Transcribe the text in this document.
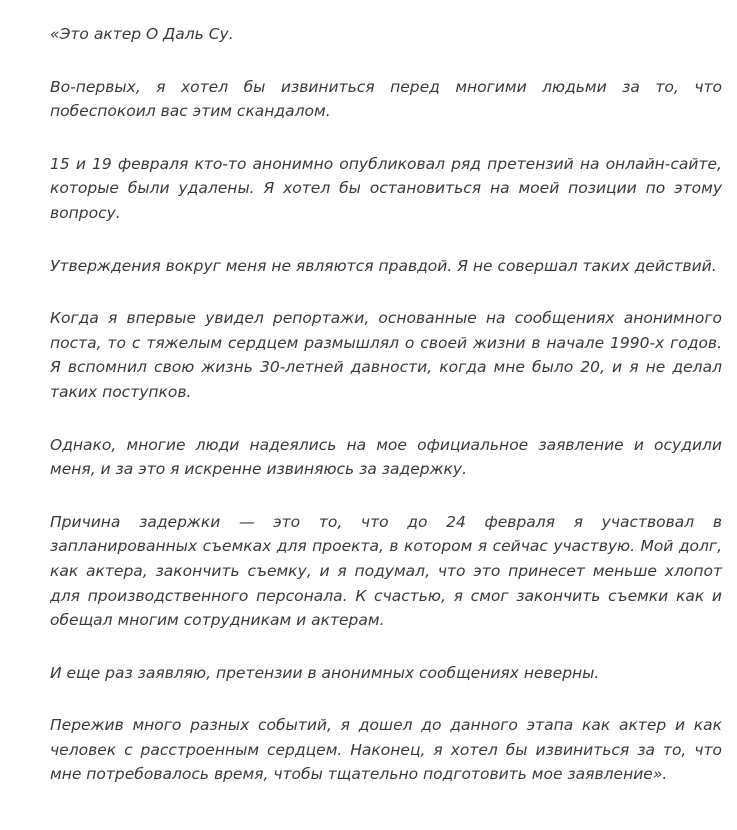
«Это актер О Даль Су.

Во-первых, я хотел бы извиниться перед многими людьми за то, что побеспокоил вас этим скандалом.

15 и 19 февраля кто-то анонимно опубликовал ряд претензий на онлайн-сайте, которые были удалены. Я хотел бы остановиться на моей позиции по этому вопросу.

Утверждения вокруг меня не являются правдой. Я не совершал таких действий.

Когда я впервые увидел репортажи, основанные на сообщениях анонимного поста, то с тяжелым сердцем размышлял о своей жизни в начале 1990-х годов. Я вспомнил свою жизнь 30-летней давности, когда мне было 20, и я не делал таких поступков.

Однако, многие люди надеялись на мое официальное заявление и осудили меня, и за это я искренне извиняюсь за задержку.

Причина задержки — это то, что до 24 февраля я участвовал в запланированных съемках для проекта, в котором я сейчас участвую. Мой долг, как актера, закончить съемку, и я подумал, что это принесет меньше хлопот для производственного персонала. К счастью, я смог закончить съемки как и обещал многим сотрудникам и актерам.

И еще раз заявляю, претензии в анонимных сообщениях неверны.

Пережив много разных событий, я дошел до данного этапа как актер и как человек с расстроенным сердцем. Наконец, я хотел бы извиниться за то, что мне потребовалось время, чтобы тщательно подготовить мое заявление».
